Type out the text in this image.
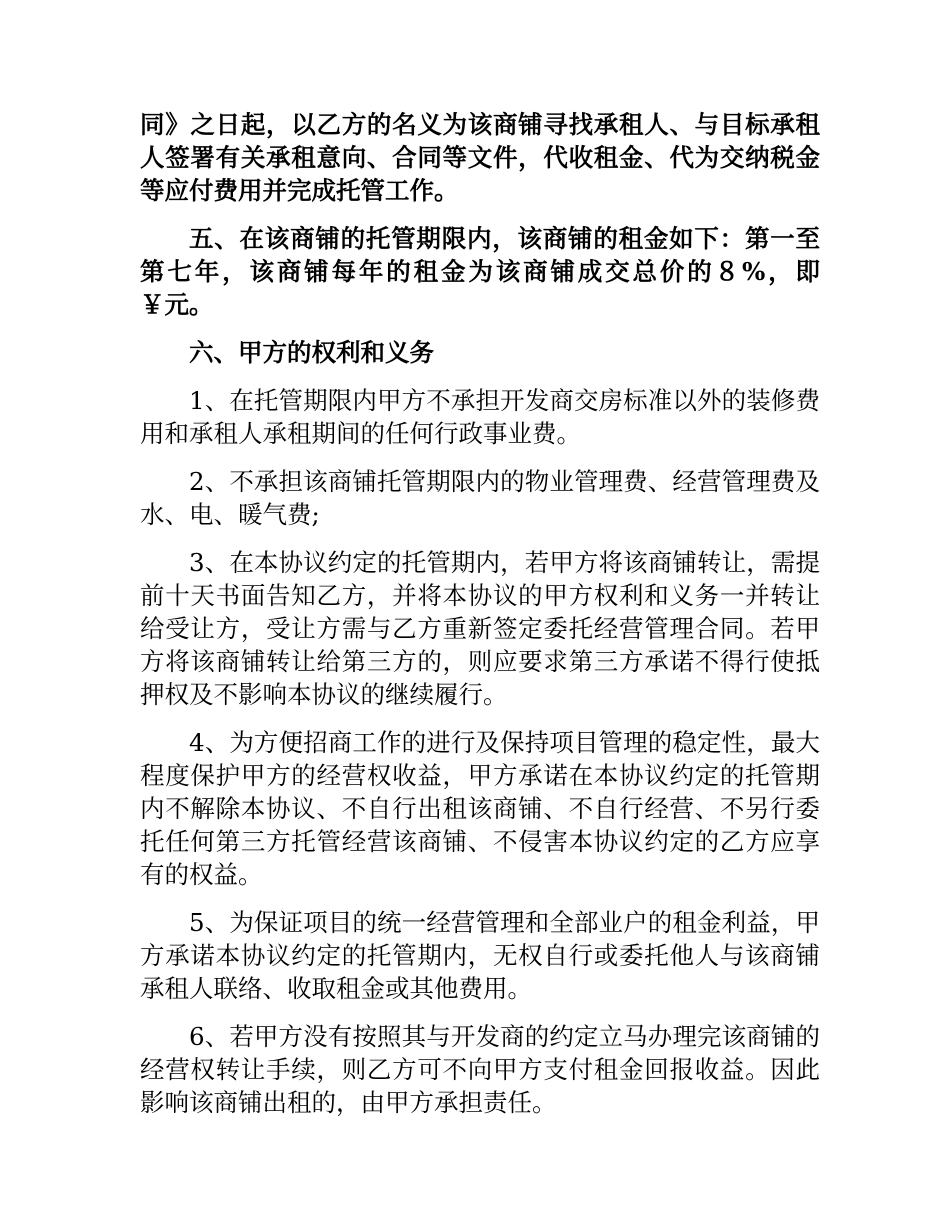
同》之日起，以乙方的名义为该商铺寻找承租人、与目标承租人签署有关承租意向、合同等文件，代收租金、代为交纳税金等应付费用并完成托管工作。

五、在该商铺的托管期限内，该商铺的租金如下：第一至第七年，该商铺每年的租金为该商铺成交总价的８%，即￥元。

六、甲方的权利和义务

1、在托管期限内甲方不承担开发商交房标准以外的装修费用和承租人承租期间的任何行政事业费。

2、不承担该商铺托管期限内的物业管理费、经营管理费及水、电、暖气费;

3、在本协议约定的托管期内，若甲方将该商铺转让，需提前十天书面告知乙方，并将本协议的甲方权利和义务一并转让给受让方，受让方需与乙方重新签定委托经营管理合同。若甲方将该商铺转让给第三方的，则应要求第三方承诺不得行使抵押权及不影响本协议的继续履行。

4、为方便招商工作的进行及保持项目管理的稳定性，最大程度保护甲方的经营权收益，甲方承诺在本协议约定的托管期内不解除本协议、不自行出租该商铺、不自行经营、不另行委托任何第三方托管经营该商铺、不侵害本协议约定的乙方应享有的权益。

5、为保证项目的统一经营管理和全部业户的租金利益，甲方承诺本协议约定的托管期内，无权自行或委托他人与该商铺承租人联络、收取租金或其他费用。

6、若甲方没有按照其与开发商的约定立马办理完该商铺的经营权转让手续，则乙方可不向甲方支付租金回报收益。因此影响该商铺出租的，由甲方承担责任。
